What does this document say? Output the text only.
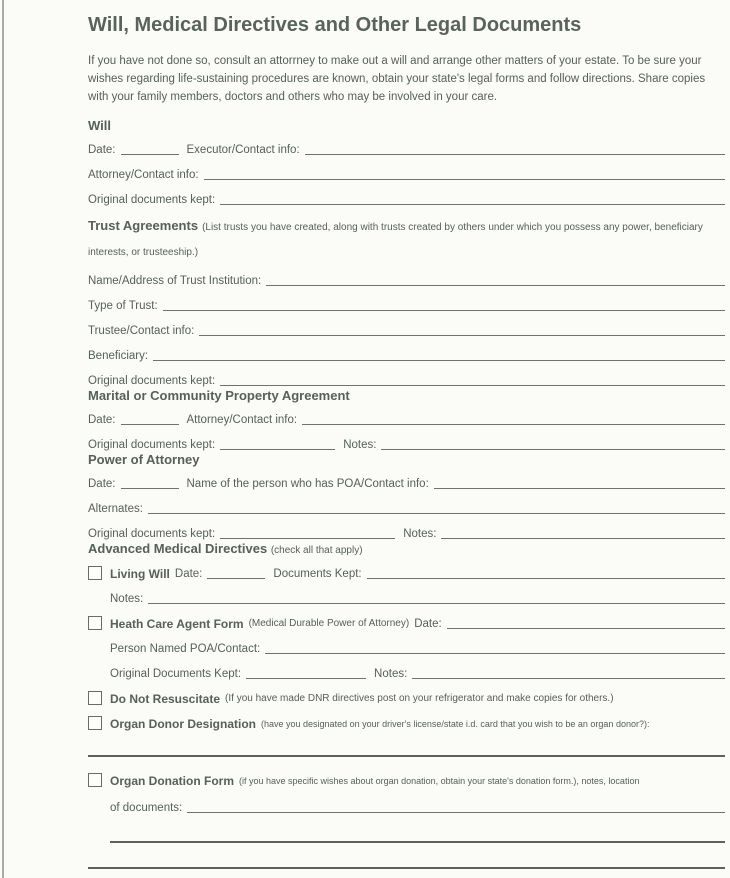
Will, Medical Directives and Other Legal Documents

If you have not done so, consult an attorrney to make out a will and arrange other matters of your estate. To be sure your wishes regarding life-sustaining procedures are known, obtain your state's legal forms and follow directions. Share copies with your family members, doctors and others who may be involved in your care.

Will
Date:	Executor/Contact info:
Attorney/Contact info:
Original documents kept:

Trust Agreements (List trusts you have created, along with trusts created by others under which you possess any power, beneficiary interests, or trusteeship.)

Name/Address of Trust Institution:
Type of Trust:
Trustee/Contact info:
Beneficiary:
Original documents kept:
Marital or Community Property Agreement
Date:	Attorney/Contact info:
Original documents kept:	Notes:
Power of Attorney
Date:	Name of the person who has POA/Contact info:
Alternates:
Original documents kept:	Notes:
Advanced Medical Directives (check all that apply)
Living Will Date:	Documents Kept:
Notes:
Heath Care Agent Form (Medical Durable Power of Attorney) Date:
Person Named POA/Contact:
Original Documents Kept:	Notes:
Do Not Resuscitate (If you have made DNR directives post on your refrigerator and make copies for others.)
Organ Donor Designation (have you designated on your driver's license/state i.d. card that you wish to be an organ donor?):
Organ Donation Form (if you have specific wishes about organ donation, obtain your state's donation form.), notes, location
of documents:
